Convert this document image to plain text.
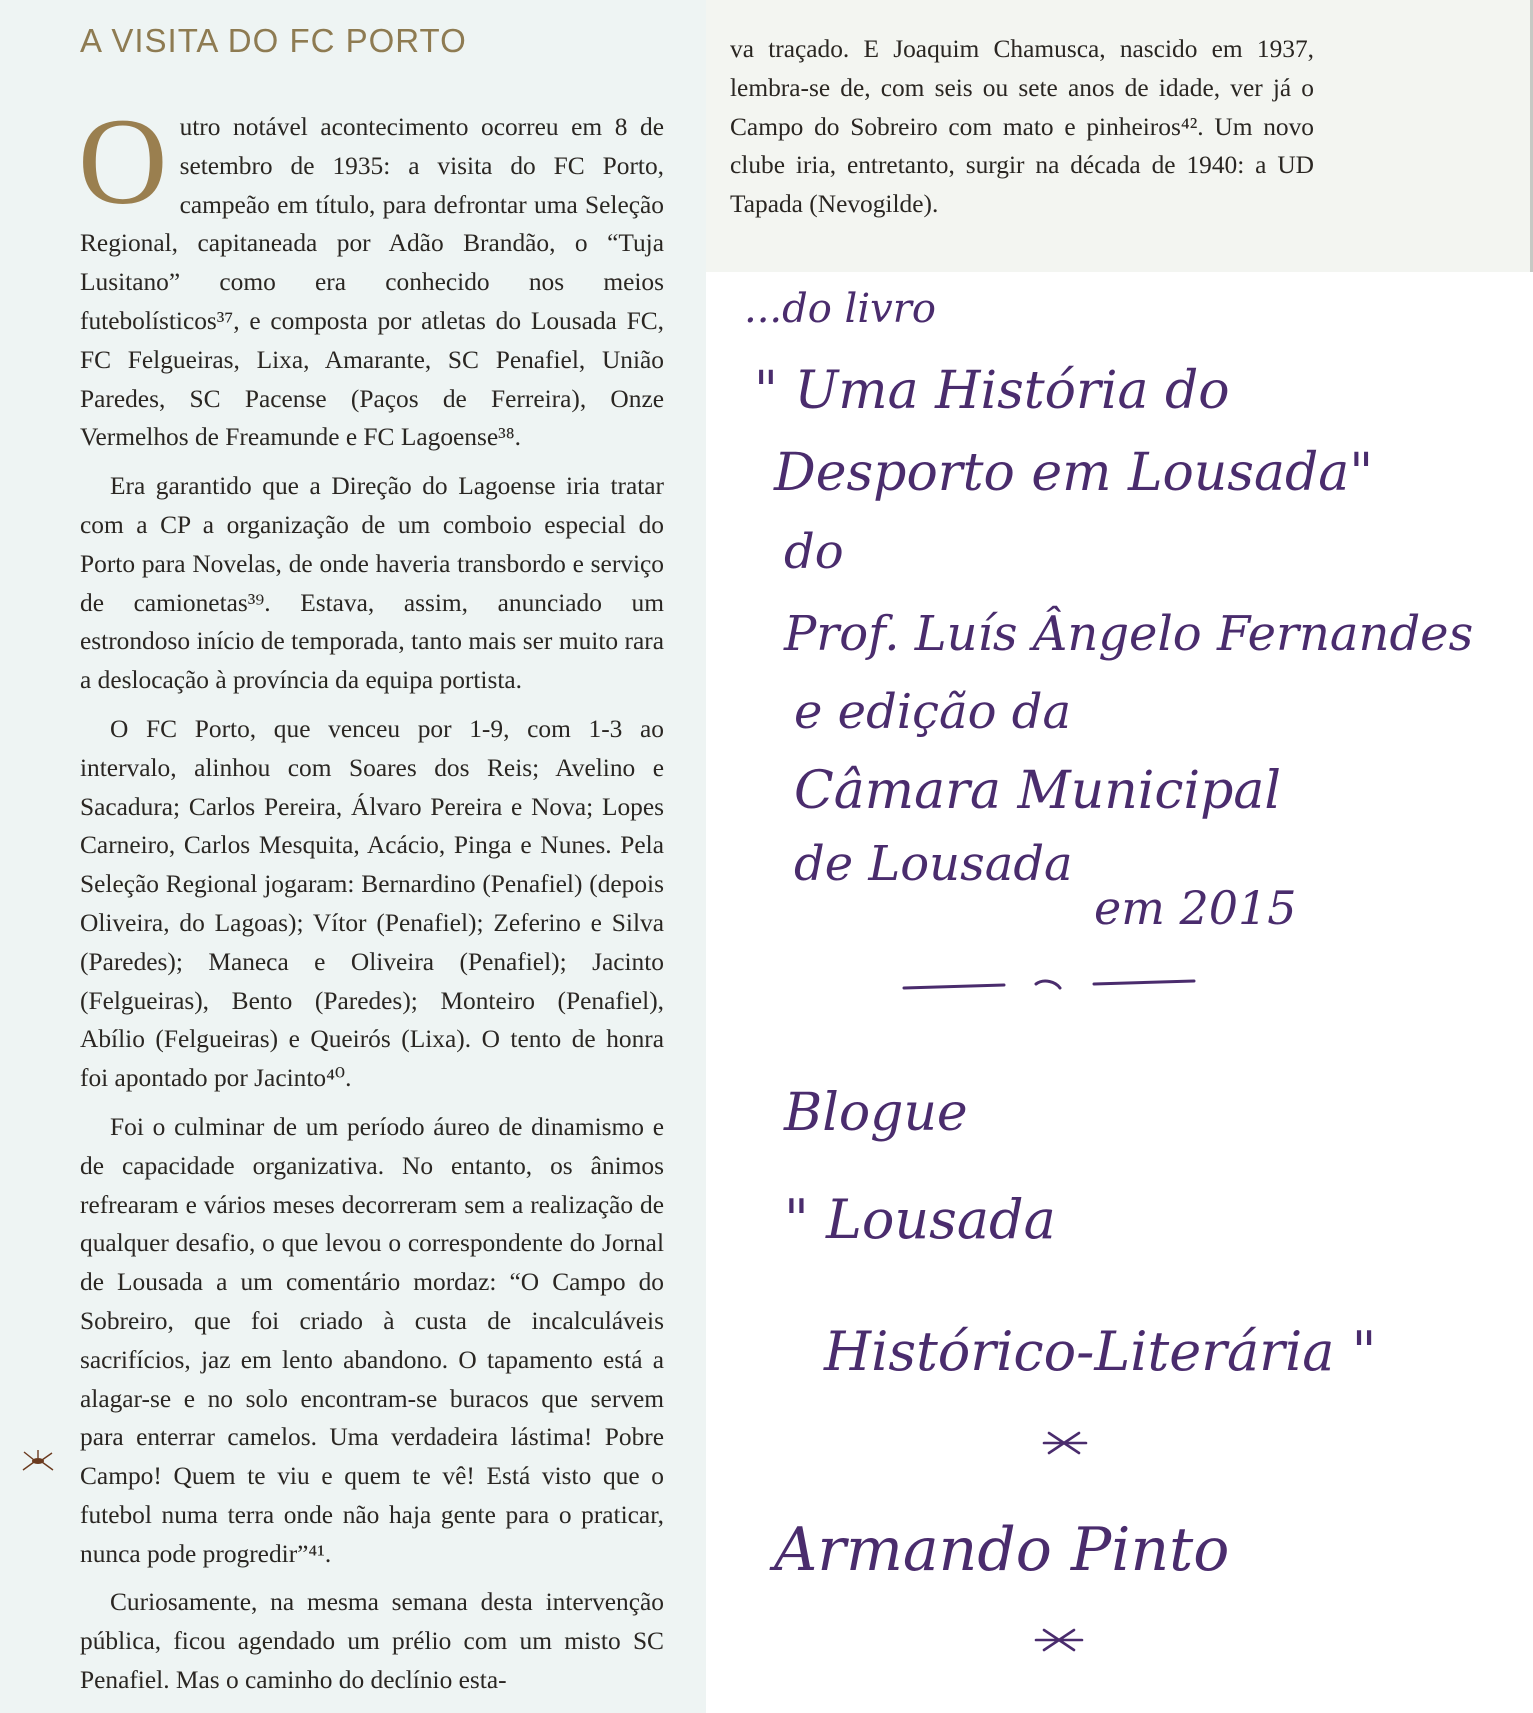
A VISITA DO FC PORTO

Outro notável acontecimento ocorreu em 8 de setembro de 1935: a visita do FC Porto, campeão em título, para defrontar uma Seleção Regional, capitaneada por Adão Brandão, o “Tuja Lusitano” como era conhecido nos meios futebolísticos³⁷, e composta por atletas do Lousada FC, FC Felgueiras, Lixa, Amarante, SC Penafiel, União Paredes, SC Pacense (Paços de Ferreira), Onze Vermelhos de Freamunde e FC Lagoense³⁸.

Era garantido que a Direção do Lagoense iria tratar com a CP a organização de um comboio especial do Porto para Novelas, de onde haveria transbordo e serviço de camionetas³⁹. Estava, assim, anunciado um estrondoso início de temporada, tanto mais ser muito rara a deslocação à província da equipa portista.

O FC Porto, que venceu por 1-9, com 1-3 ao intervalo, alinhou com Soares dos Reis; Avelino e Sacadura; Carlos Pereira, Álvaro Pereira e Nova; Lopes Carneiro, Carlos Mesquita, Acácio, Pinga e Nunes. Pela Seleção Regional jogaram: Bernardino (Penafiel) (depois Oliveira, do Lagoas); Vítor (Penafiel); Zeferino e Silva (Paredes); Maneca e Oliveira (Penafiel); Jacinto (Felgueiras), Bento (Paredes); Monteiro (Penafiel), Abílio (Felgueiras) e Queirós (Lixa). O tento de honra foi apontado por Jacinto⁴⁰.

Foi o culminar de um período áureo de dinamismo e de capacidade organizativa. No entanto, os ânimos refrearam e vários meses decorreram sem a realização de qualquer desafio, o que levou o correspondente do Jornal de Lousada a um comentário mordaz: “O Campo do Sobreiro, que foi criado à custa de incalculáveis sacrifícios, jaz em lento abandono. O tapamento está a alagar-se e no solo encontram-se buracos que servem para enterrar camelos. Uma verdadeira lástima! Pobre Campo! Quem te viu e quem te vê! Está visto que o futebol numa terra onde não haja gente para o praticar, nunca pode progredir”⁴¹.

Curiosamente, na mesma semana desta intervenção pública, ficou agendado um prélio com um misto SC Penafiel. Mas o caminho do declínio esta-

va traçado. E Joaquim Chamusca, nascido em 1937, lembra-se de, com seis ou sete anos de idade, ver já o Campo do Sobreiro com mato e pinheiros⁴². Um novo clube iria, entretanto, surgir na década de 1940: a UD Tapada (Nevogilde).

...do livro
" Uma História do
Desporto em Lousada"
do
Prof. Luís Ângelo Fernandes
e edição da
Câmara Municipal
de Lousada
em 2015
Blogue
" Lousada
Histórico-Literária "
Armando Pinto
